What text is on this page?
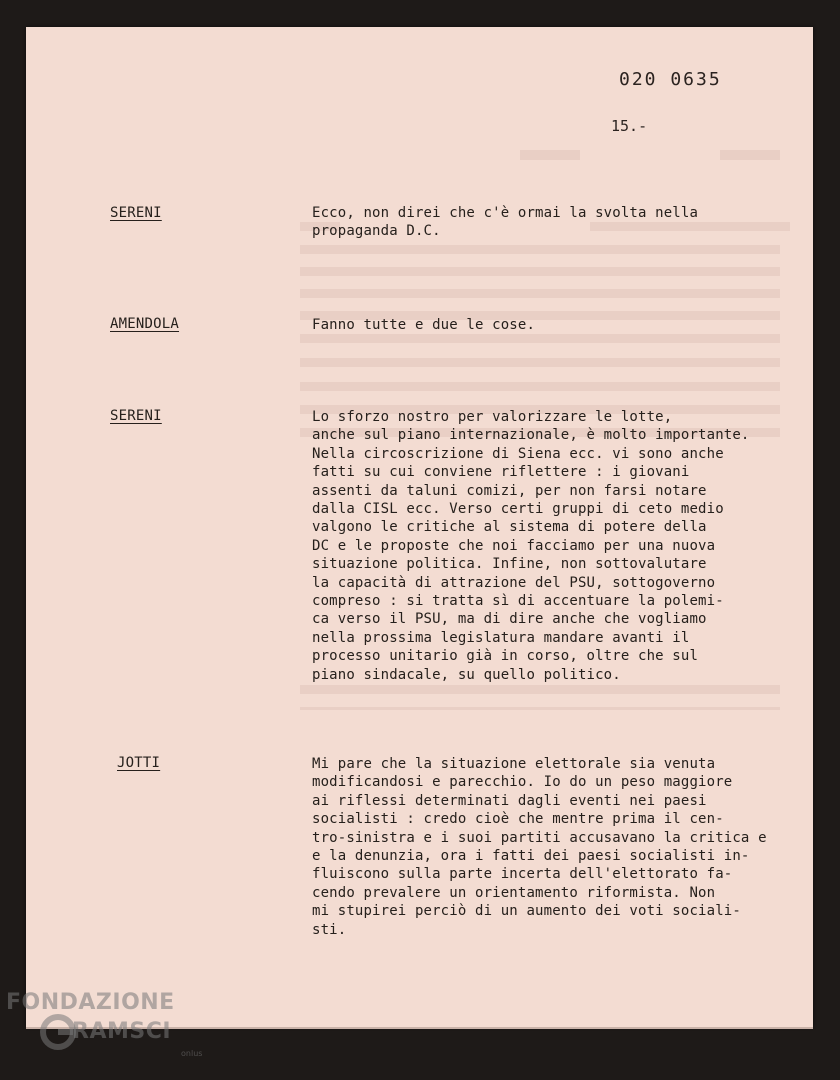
020 0635
15.-
SERENI	Ecco, non direi che c'è ormai la svolta nella
propaganda D.C.
AMENDOLA	Fanno tutte e due le cose.
SERENI	Lo sforzo nostro per valorizzare le lotte,
anche sul piano internazionale, è molto importante.
Nella circoscrizione di Siena ecc. vi sono anche
fatti su cui conviene riflettere : i giovani
assenti da taluni comizi, per non farsi notare
dalla CISL ecc. Verso certi gruppi di ceto medio
valgono le critiche al sistema di potere della
DC e le proposte che noi facciamo per una nuova
situazione politica. Infine, non sottovalutare
la capacità di attrazione del PSU, sottogoverno
compreso : si tratta sì di accentuare la polemi-
ca verso il PSU, ma di dire anche che vogliamo
nella prossima legislatura mandare avanti il
processo unitario già in corso, oltre che sul
piano sindacale, su quello politico.
JOTTI	Mi pare che la situazione elettorale sia venuta
modificandosi e parecchio. Io do un peso maggiore
ai riflessi determinati dagli eventi nei paesi
socialisti : credo cioè che mentre prima il cen-
tro-sinistra e i suoi partiti accusavano la critica e
e la denunzia, ora i fatti dei paesi socialisti in-
fluiscono sulla parte incerta dell'elettorato fa-
cendo prevalere un orientamento riformista. Non
mi stupirei perciò di un aumento dei voti sociali-
sti.
FONDAZIONE
RAMSCI
onlus
